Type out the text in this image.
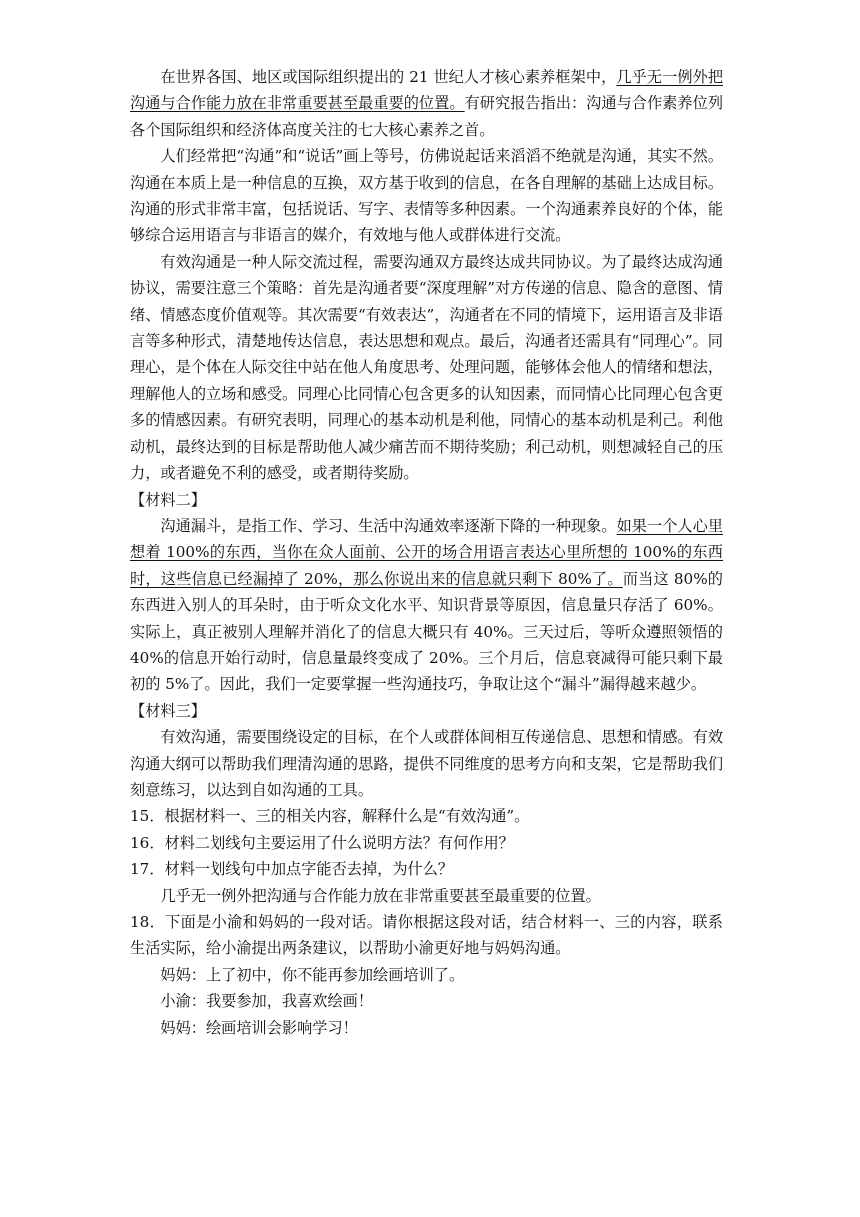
在世界各国、地区或国际组织提出的 21 世纪人才核心素养框架中，几乎无一例外把沟通与合作能力放在非常重要甚至最重要的位置。有研究报告指出：沟通与合作素养位列各个国际组织和经济体高度关注的七大核心素养之首。

人们经常把“沟通”和“说话”画上等号，仿佛说起话来滔滔不绝就是沟通，其实不然。沟通在本质上是一种信息的互换，双方基于收到的信息，在各自理解的基础上达成目标。沟通的形式非常丰富，包括说话、写字、表情等多种因素。一个沟通素养良好的个体，能够综合运用语言与非语言的媒介，有效地与他人或群体进行交流。

有效沟通是一种人际交流过程，需要沟通双方最终达成共同协议。为了最终达成沟通协议，需要注意三个策略：首先是沟通者要“深度理解”对方传递的信息、隐含的意图、情绪、情感态度价值观等。其次需要“有效表达”，沟通者在不同的情境下，运用语言及非语言等多种形式，清楚地传达信息，表达思想和观点。最后，沟通者还需具有“同理心”。同理心，是个体在人际交往中站在他人角度思考、处理问题，能够体会他人的情绪和想法，理解他人的立场和感受。同理心比同情心包含更多的认知因素，而同情心比同理心包含更多的情感因素。有研究表明，同理心的基本动机是利他，同情心的基本动机是利己。利他动机，最终达到的目标是帮助他人减少痛苦而不期待奖励；利己动机，则想减轻自己的压力，或者避免不利的感受，或者期待奖励。

【材料二】

沟通漏斗，是指工作、学习、生活中沟通效率逐渐下降的一种现象。如果一个人心里想着 100%的东西，当你在众人面前、公开的场合用语言表达心里所想的 100%的东西时，这些信息已经漏掉了 20%，那么你说出来的信息就只剩下 80%了。而当这 80%的东西进入别人的耳朵时，由于听众文化水平、知识背景等原因，信息量只存活了 60%。实际上，真正被别人理解并消化了的信息大概只有 40%。三天过后，等听众遵照领悟的 40%的信息开始行动时，信息量最终变成了 20%。三个月后，信息衰减得可能只剩下最初的 5%了。因此，我们一定要掌握一些沟通技巧，争取让这个“漏斗”漏得越来越少。

【材料三】

有效沟通，需要围绕设定的目标，在个人或群体间相互传递信息、思想和情感。有效沟通大纲可以帮助我们理清沟通的思路，提供不同维度的思考方向和支架，它是帮助我们刻意练习，以达到自如沟通的工具。

15．根据材料一、三的相关内容，解释什么是“有效沟通”。

16．材料二划线句主要运用了什么说明方法？有何作用？

17．材料一划线句中加点字能否去掉，为什么？

几乎无一例外把沟通与合作能力放在非常重要甚至最重要的位置。

18．下面是小渝和妈妈的一段对话。请你根据这段对话，结合材料一、三的内容，联系生活实际，给小渝提出两条建议，以帮助小渝更好地与妈妈沟通。

妈妈：上了初中，你不能再参加绘画培训了。

小渝：我要参加，我喜欢绘画！

妈妈：绘画培训会影响学习！
